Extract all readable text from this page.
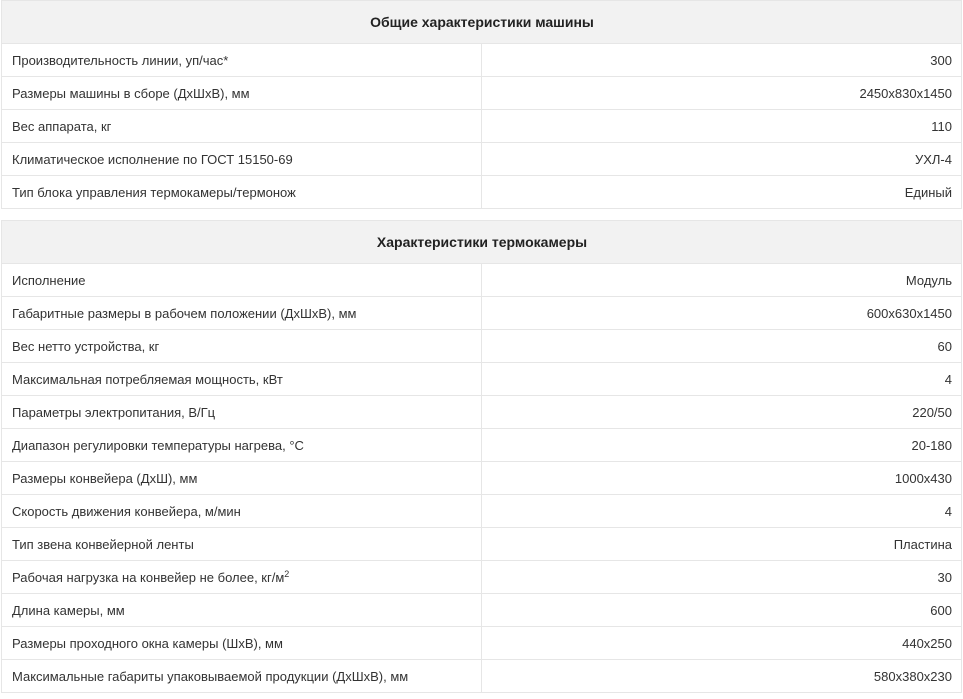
Общие характеристики машины	
Производительность линии, уп/час*	300
Размеры машины в сборе (ДхШхВ), мм	2450x830x1450
Вес аппарата, кг	110
Климатическое исполнение по ГОСТ 15150-69	УХЛ-4
Тип блока управления термокамеры/термонож	Единый
Характеристики термокамеры	
Исполнение	Модуль
Габаритные размеры в рабочем положении (ДхШхВ), мм	600x630x1450
Вес нетто устройства, кг	60
Максимальная потребляемая мощность, кВт	4
Параметры электропитания, В/Гц	220/50
Диапазон регулировки температуры нагрева, °С	20-180
Размеры конвейера (ДхШ), мм	1000x430
Скорость движения конвейера, м/мин	4
Тип звена конвейерной ленты	Пластина
Рабочая нагрузка на конвейер не более, $кг/м^2$	30
Длина камеры, мм	600
Размеры проходного окна камеры (ШхВ), мм	440x250
Максимальные габариты упаковываемой продукции (ДхШхВ), мм	580x380x230
